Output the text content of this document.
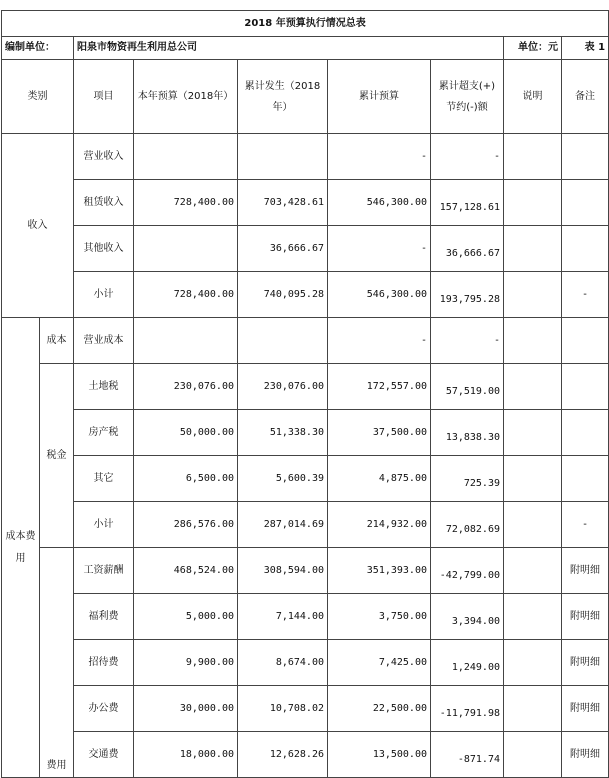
2018 年预算执行情况总表								
编制单位：		阳泉市物资再生利用总公司					单位：元	表 1
类别		项目	本年预算（2018年）	累计发生（2018年）	累计预算	累计超支(+)节约(-)额	说明	备注
收入		营业收入			-	-		
		租赁收入	728,400.00	703,428.61	546,300.00	157,128.61		
		其他收入		36,666.67	-	36,666.67		
		小计	728,400.00	740,095.28	546,300.00	193,795.28		-
成本费用	成本	营业成本			-	-		
	税金	土地税	230,076.00	230,076.00	172,557.00	57,519.00		
		房产税	50,000.00	51,338.30	37,500.00	13,838.30		
		其它	6,500.00	5,600.39	4,875.00	725.39		
		小计	286,576.00	287,014.69	214,932.00	72,082.69		-
	费用	工资薪酬	468,524.00	308,594.00	351,393.00	-42,799.00		附明细
		福利费	5,000.00	7,144.00	3,750.00	3,394.00		附明细
		招待费	9,900.00	8,674.00	7,425.00	1,249.00		附明细
		办公费	30,000.00	10,708.02	22,500.00	-11,791.98		附明细
		交通费	18,000.00	12,628.26	13,500.00	-871.74		附明细
